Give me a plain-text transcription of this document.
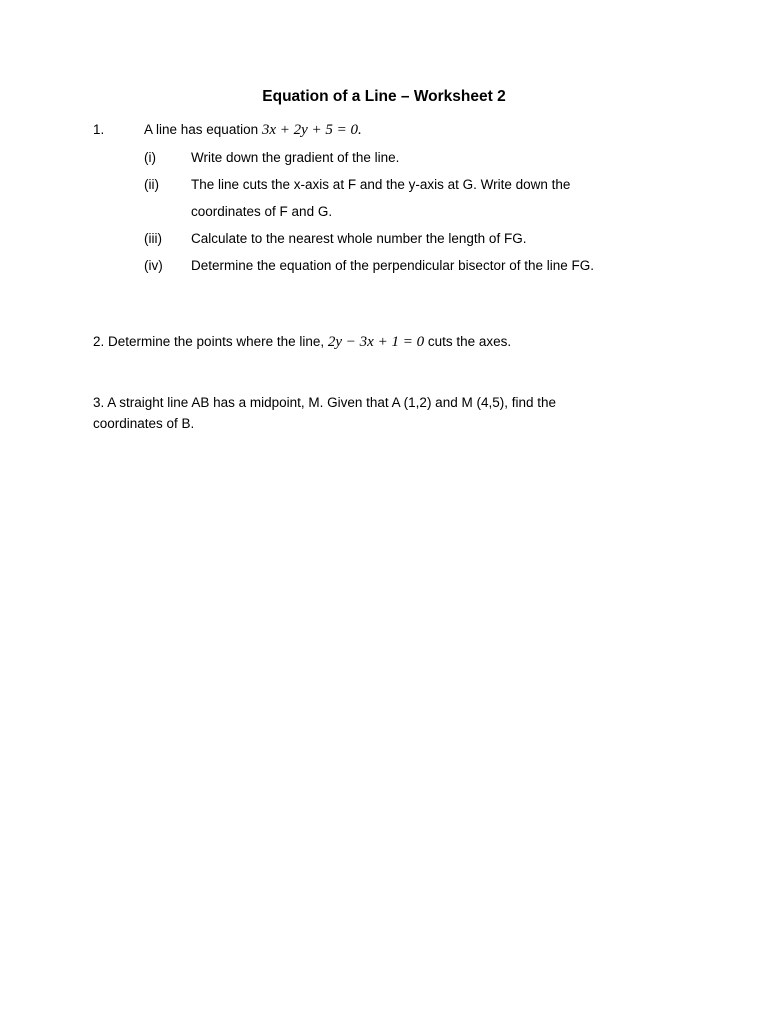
Equation of a Line – Worksheet 2
1.	A line has equation 3x + 2y + 5 = 0.
(i)	Write down the gradient of the line.
(ii) The line cuts the x-axis at F and the y-axis at G. Write down the
coordinates of F and G.
(iii) Calculate to the nearest whole number the length of FG.
(iv) Determine the equation of the perpendicular bisector of the line FG.
2. Determine the points where the line, 2y − 3x + 1 = 0 cuts the axes.
3. A straight line AB has a midpoint, M. Given that A (1,2) and M (4,5), find the
coordinates of B.
